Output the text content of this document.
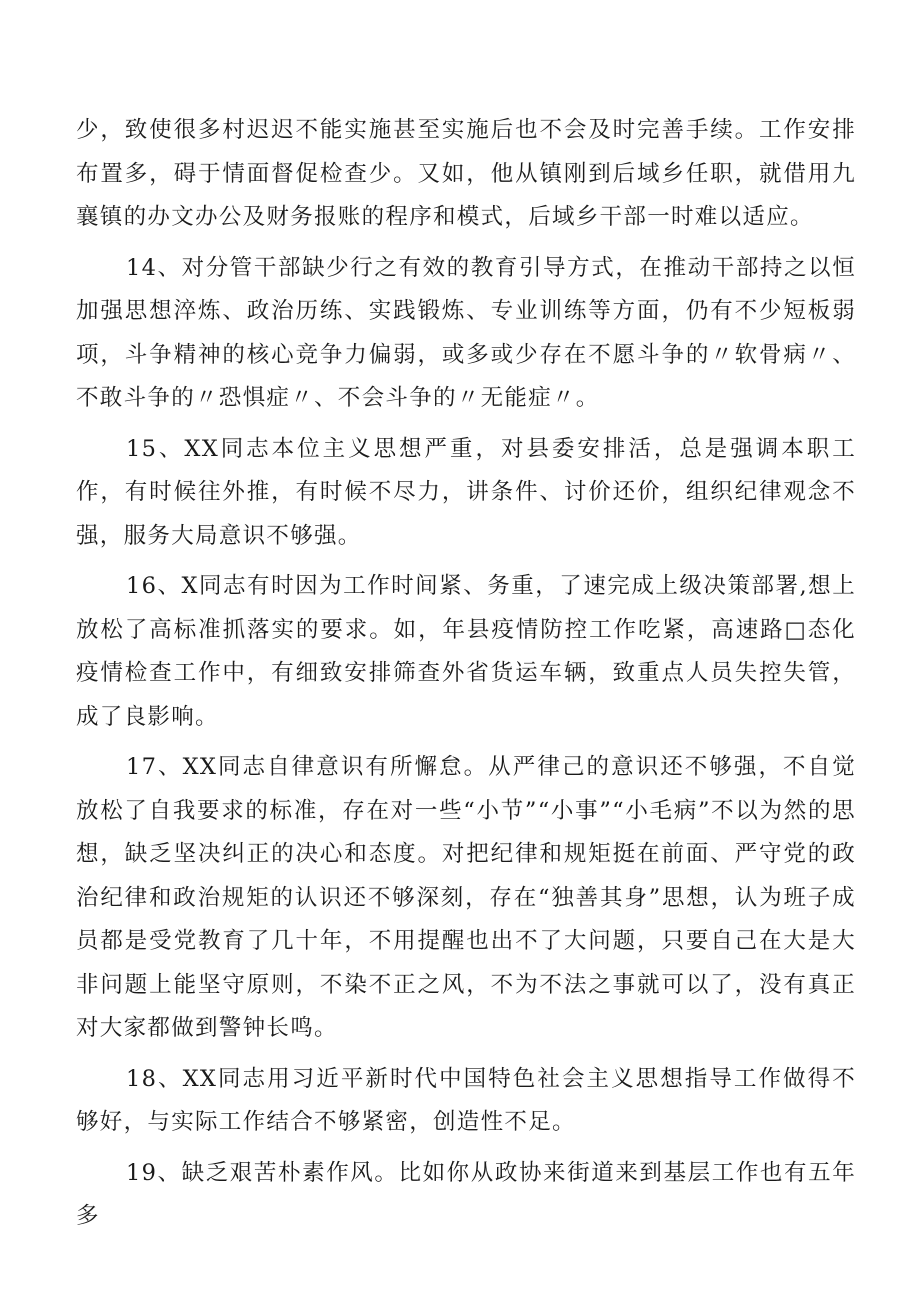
少，致使很多村迟迟不能实施甚至实施后也不会及时完善手续。工作安排布置多，碍于情面督促检查少。又如，他从镇刚到后域乡任职，就借用九襄镇的办文办公及财务报账的程序和模式，后域乡干部一时难以适应。

14、对分管干部缺少行之有效的教育引导方式，在推动干部持之以恒加强思想淬炼、政治历练、实践锻炼、专业训练等方面，仍有不少短板弱项，斗争精神的核心竞争力偏弱，或多或少存在不愿斗争的〃软骨病〃、不敢斗争的〃恐惧症〃、不会斗争的〃无能症〃。

15、XX同志本位主义思想严重，对县委安排活，总是强调本职工作，有时候往外推，有时候不尽力，讲条件、讨价还价，组织纪律观念不强，服务大局意识不够强。

16、X同志有时因为工作时间紧、务重，了速完成上级决策部署,想上放松了高标准抓落实的要求。如，年县疫情防控工作吃紧，高速路□态化疫情检查工作中，有细致安排筛查外省货运车辆，致重点人员失控失管，成了良影响。

17、XX同志自律意识有所懈怠。从严律己的意识还不够强，不自觉放松了自我要求的标准，存在对一些“小节”“小事”“小毛病”不以为然的思想，缺乏坚决纠正的决心和态度。对把纪律和规矩挺在前面、严守党的政治纪律和政治规矩的认识还不够深刻，存在“独善其身”思想，认为班子成员都是受党教育了几十年，不用提醒也出不了大问题，只要自己在大是大非问题上能坚守原则，不染不正之风，不为不法之事就可以了，没有真正对大家都做到警钟长鸣。

18、XX同志用习近平新时代中国特色社会主义思想指导工作做得不够好，与实际工作结合不够紧密，创造性不足。

19、缺乏艰苦朴素作风。比如你从政协来街道来到基层工作也有五年多
